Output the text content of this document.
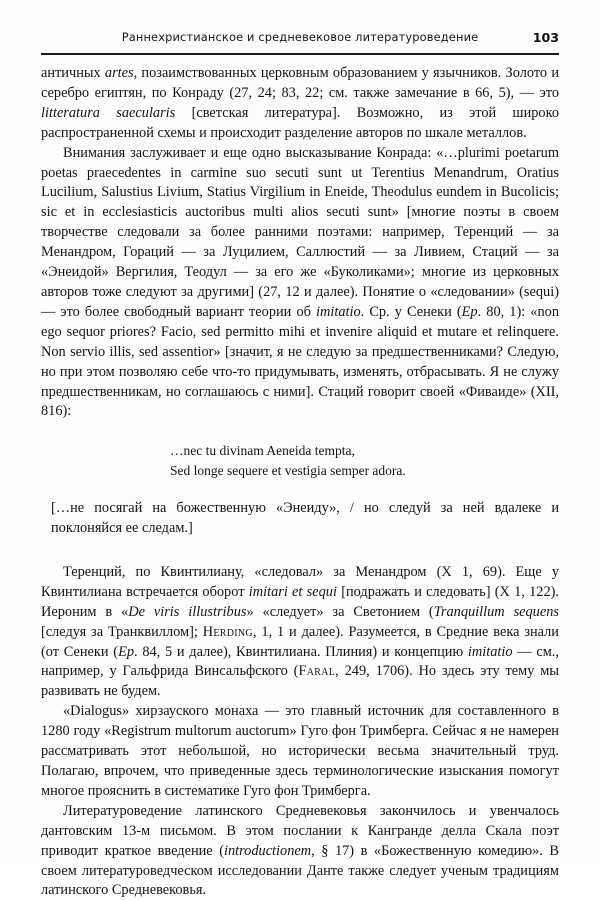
Раннехристианское и средневековое литературоведение	103

античных artes, позаимствованных церковным образованием у язычников. Золото и серебро египтян, по Конраду (27, 24; 83, 22; см. также замечание в 66, 5), — это litteratura saecularis [светская литература]. Возможно, из этой широко распространенной схемы и происходит разделение авторов по шкале металлов.

Внимания заслуживает и еще одно высказывание Конрада: «…plurimi poetarum poetas praecedentes in carmine suo secuti sunt ut Terentius Menandrum, Oratius Lucilium, Salustius Livium, Statius Virgilium in Eneide, Theodulus eundem in Bucolicis; sic et in ecclesiasticis auctoribus multi alios secuti sunt» [многие поэты в своем творчестве следовали за более ранними поэтами: например, Теренций — за Менандром, Гораций — за Луцилием, Саллюстий — за Ливием, Стаций — за «Энеидой» Вергилия, Теодул — за его же «Буколиками»; многие из церковных авторов тоже следуют за другими] (27, 12 и далее). Понятие о «следовании» (sequi) — это более свободный вариант теории об imitatio. Ср. у Сенеки (Ep. 80, 1): «non ego sequor priores? Facio, sed permitto mihi et invenire aliquid et mutare et relinquere. Non servio illis, sed assentior» [значит, я не следую за предшественниками? Следую, но при этом позволяю себе что-то придумывать, изменять, отбрасывать. Я не служу предшественникам, но соглашаюсь с ними]. Стаций говорит своей «Фиваиде» (XII, 816):

…nec tu divinam Aeneida tempta,
Sed longe sequere et vestigia semper adora.

[…не посягай на божественную «Энеиду», / но следуй за ней вдалеке и поклоняйся ее следам.]

Теренций, по Квинтилиану, «следовал» за Менандром (X 1, 69). Еще у Квинтилиана встречается оборот imitari et sequi [подражать и следовать] (X 1, 122). Иероним в «De viris illustribus» «следует» за Светонием (Tranquillum sequens [следуя за Транквиллом]; Herding, 1, 1 и далее). Разумеется, в Средние века знали (от Сенеки (Ep. 84, 5 и далее), Квинтилиана. Плиния) и концепцию imitatio — см., например, у Гальфрида Винсальфского (Faral, 249, 1706). Но здесь эту тему мы развивать не будем.

«Dialogus» хирзауского монаха — это главный источник для составленного в 1280 году «Registrum multorum auctorum» Гуго фон Тримберга. Сейчас я не намерен рассматривать этот небольшой, но исторически весьма значительный труд. Полагаю, впрочем, что приведенные здесь терминологические изыскания помогут многое прояснить в систематике Гуго фон Тримберга.

Литературоведение латинского Средневековья закончилось и увенчалось дантовским 13-м письмом. В этом послании к Кангранде делла Скала поэт приводит краткое введение (introductionem, § 17) в «Божественную комедию». В своем литературоведческом исследовании Данте также следует ученым традициям латинского Средневековья.
